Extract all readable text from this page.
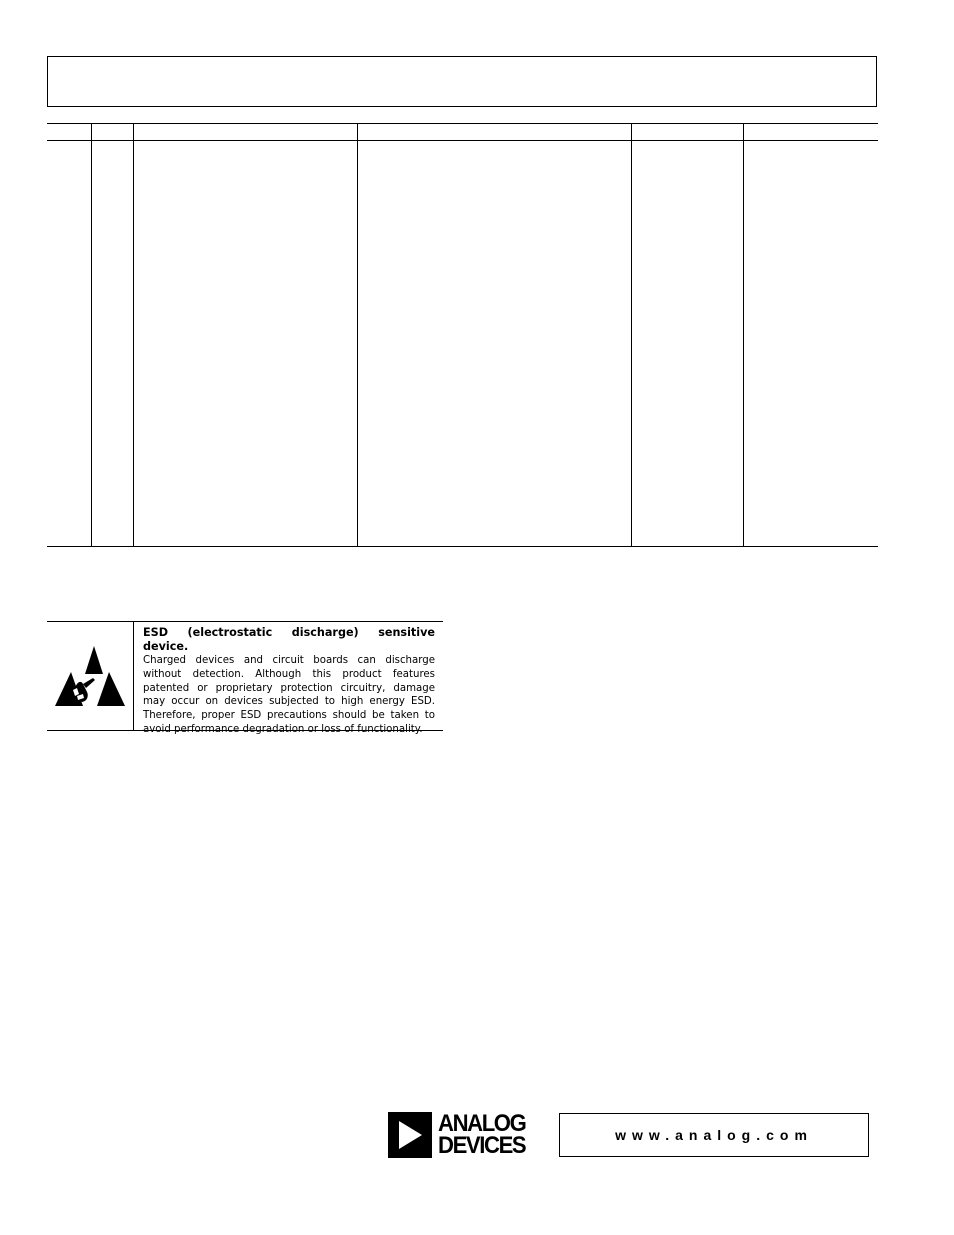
ESD (electrostatic discharge) sensitive device.
Charged devices and circuit boards can discharge without detection. Although this product features patented or proprietary protection circuitry, damage may occur on devices subjected to high energy ESD. Therefore, proper ESD precautions should be taken to avoid performance degradation or loss of functionality.
ANALOG
DEVICES	www.analog.com
